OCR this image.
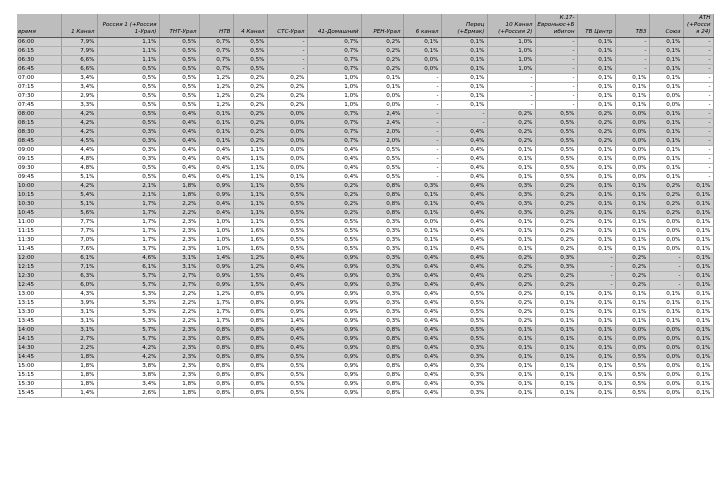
время	1 Канал	Россия 1 (+Россия 1-Урал)	ТНТ-Урал	НТВ	4 Канал	СТС-Урал	41-Домашний	РЕН-Урал	6 канал	Перец (+Ермак)	10 Канал (+Россия 2)	К.17-Евроньюс+Бибигон	ТВ Центр	ТВ3	Союз	АТН (+Россия 24)
06:00	7,9%	1,1%	0,5%	0,7%	0,5%	-	0,7%	0,2%	0,1%	0,1%	1,0%	-	0,1%	-	0,1%	-
06:15	7,9%	1,1%	0,5%	0,7%	0,5%	-	0,7%	0,2%	0,1%	0,1%	1,0%	-	0,1%	-	0,1%	-
06:30	6,6%	1,1%	0,5%	0,7%	0,5%	-	0,7%	0,2%	0,0%	0,1%	1,0%	-	0,1%	-	0,1%	-
06:45	6,6%	0,5%	0,5%	0,7%	0,5%	-	0,7%	0,2%	0,0%	0,1%	1,0%	-	0,1%	-	0,1%	-
07:00	3,4%	0,5%	0,5%	1,2%	0,2%	0,2%	1,0%	0,1%	-	0,1%	-	-	0,1%	0,1%	0,1%	-
07:15	3,4%	0,5%	0,5%	1,2%	0,2%	0,2%	1,0%	0,1%	-	0,1%	-	-	0,1%	0,1%	0,1%	-
07:30	2,9%	0,5%	0,5%	1,2%	0,2%	0,2%	1,0%	0,0%	-	0,1%	-	-	0,1%	0,1%	0,0%	-
07:45	3,3%	0,5%	0,5%	1,2%	0,2%	0,2%	1,0%	0,0%	-	0,1%	-	-	0,1%	0,1%	0,0%	-
08:00	4,2%	0,5%	0,4%	0,1%	0,2%	0,0%	0,7%	2,4%	-	-	0,2%	0,5%	0,2%	0,0%	0,1%	-
08:15	4,2%	0,5%	0,4%	0,1%	0,2%	0,0%	0,7%	2,4%	-	-	0,2%	0,5%	0,2%	0,0%	0,1%	-
08:30	4,2%	0,3%	0,4%	0,1%	0,2%	0,0%	0,7%	2,0%	-	0,4%	0,2%	0,5%	0,2%	0,0%	0,1%	-
08:45	4,5%	0,3%	0,4%	0,1%	0,2%	0,0%	0,7%	2,0%	-	0,4%	0,2%	0,5%	0,2%	0,0%	0,1%	-
09:00	4,4%	0,3%	0,4%	0,4%	1,1%	0,0%	0,4%	0,5%	-	0,4%	0,1%	0,5%	0,1%	0,0%	0,1%	-
09:15	4,8%	0,3%	0,4%	0,4%	1,1%	0,0%	0,4%	0,5%	-	0,4%	0,1%	0,5%	0,1%	0,0%	0,1%	-
09:30	4,8%	0,5%	0,4%	0,4%	1,1%	0,0%	0,4%	0,5%	-	0,4%	0,1%	0,5%	0,1%	0,0%	0,1%	-
09:45	5,1%	0,5%	0,4%	0,4%	1,1%	0,1%	0,4%	0,5%	-	0,4%	0,1%	0,5%	0,1%	0,0%	0,1%	-
10:00	4,2%	2,1%	1,8%	0,9%	1,1%	0,5%	0,2%	0,8%	0,3%	0,4%	0,3%	0,2%	0,1%	0,1%	0,2%	0,1%
10:15	5,4%	2,1%	1,8%	0,9%	1,1%	0,5%	0,2%	0,8%	0,1%	0,4%	0,3%	0,2%	0,1%	0,1%	0,2%	0,1%
10:30	5,1%	1,7%	2,2%	0,4%	1,1%	0,5%	0,2%	0,8%	0,1%	0,4%	0,3%	0,2%	0,1%	0,1%	0,2%	0,1%
10:45	5,6%	1,7%	2,2%	0,4%	1,1%	0,5%	0,2%	0,8%	0,1%	0,4%	0,3%	0,2%	0,1%	0,1%	0,2%	0,1%
11:00	7,7%	1,7%	2,3%	1,0%	1,1%	0,5%	0,5%	0,3%	0,0%	0,4%	0,1%	0,2%	0,1%	0,1%	0,0%	0,1%
11:15	7,7%	1,7%	2,3%	1,0%	1,6%	0,5%	0,5%	0,3%	0,1%	0,4%	0,1%	0,2%	0,1%	0,1%	0,0%	0,1%
11:30	7,0%	1,7%	2,3%	1,0%	1,6%	0,5%	0,5%	0,3%	0,1%	0,4%	0,1%	0,2%	0,1%	0,1%	0,0%	0,1%
11:45	7,6%	3,7%	2,3%	1,0%	1,6%	0,5%	0,5%	0,3%	0,1%	0,4%	0,1%	0,2%	0,1%	0,1%	0,0%	0,1%
12:00	6,1%	4,6%	3,1%	1,4%	1,2%	0,4%	0,9%	0,3%	0,4%	0,4%	0,2%	0,3%	-	0,2%	-	0,1%
12:15	7,1%	6,1%	3,1%	0,9%	1,2%	0,4%	0,9%	0,3%	0,4%	0,4%	0,2%	0,3%	-	0,2%	-	0,1%
12:30	6,3%	5,7%	2,7%	0,9%	1,5%	0,4%	0,9%	0,3%	0,4%	0,4%	0,2%	0,2%	-	0,2%	-	0,1%
12:45	6,0%	5,7%	2,7%	0,9%	1,5%	0,4%	0,9%	0,3%	0,4%	0,4%	0,2%	0,2%	-	0,2%	-	0,1%
13:00	4,3%	5,3%	2,2%	1,2%	0,8%	0,9%	0,9%	0,3%	0,4%	0,5%	0,2%	0,1%	0,1%	0,1%	0,1%	0,1%
13:15	3,9%	5,3%	2,2%	1,7%	0,8%	0,9%	0,9%	0,3%	0,4%	0,5%	0,2%	0,1%	0,1%	0,1%	0,1%	0,1%
13:30	3,1%	5,3%	2,2%	1,7%	0,8%	0,9%	0,9%	0,3%	0,4%	0,5%	0,2%	0,1%	0,1%	0,1%	0,1%	0,1%
13:45	3,1%	5,3%	2,2%	1,7%	0,8%	1,4%	0,9%	0,3%	0,4%	0,5%	0,2%	0,1%	0,1%	0,1%	0,1%	0,1%
14:00	3,1%	5,7%	2,3%	0,8%	0,8%	0,4%	0,9%	0,8%	0,4%	0,5%	0,1%	0,1%	0,1%	0,0%	0,0%	0,1%
14:15	2,7%	5,7%	2,3%	0,8%	0,8%	0,4%	0,9%	0,8%	0,4%	0,5%	0,1%	0,1%	0,1%	0,0%	0,0%	0,1%
14:30	2,2%	4,2%	2,3%	0,8%	0,8%	0,4%	0,9%	0,8%	0,4%	0,3%	0,1%	0,1%	0,1%	0,0%	0,0%	0,1%
14:45	1,8%	4,2%	2,3%	0,8%	0,8%	0,5%	0,9%	0,8%	0,4%	0,3%	0,1%	0,1%	0,1%	0,5%	0,0%	0,1%
15:00	1,8%	3,8%	2,3%	0,8%	0,8%	0,5%	0,9%	0,8%	0,4%	0,3%	0,1%	0,1%	0,1%	0,5%	0,0%	0,1%
15:15	1,8%	3,8%	2,3%	0,8%	0,8%	0,5%	0,9%	0,8%	0,4%	0,3%	0,1%	0,1%	0,1%	0,5%	0,0%	0,1%
15:30	1,8%	3,4%	1,8%	0,8%	0,8%	0,5%	0,9%	0,8%	0,4%	0,3%	0,1%	0,1%	0,1%	0,5%	0,0%	0,1%
15:45	1,4%	2,6%	1,8%	0,8%	0,8%	0,5%	0,9%	0,8%	0,4%	0,3%	0,1%	0,1%	0,1%	0,5%	0,0%	0,1%
